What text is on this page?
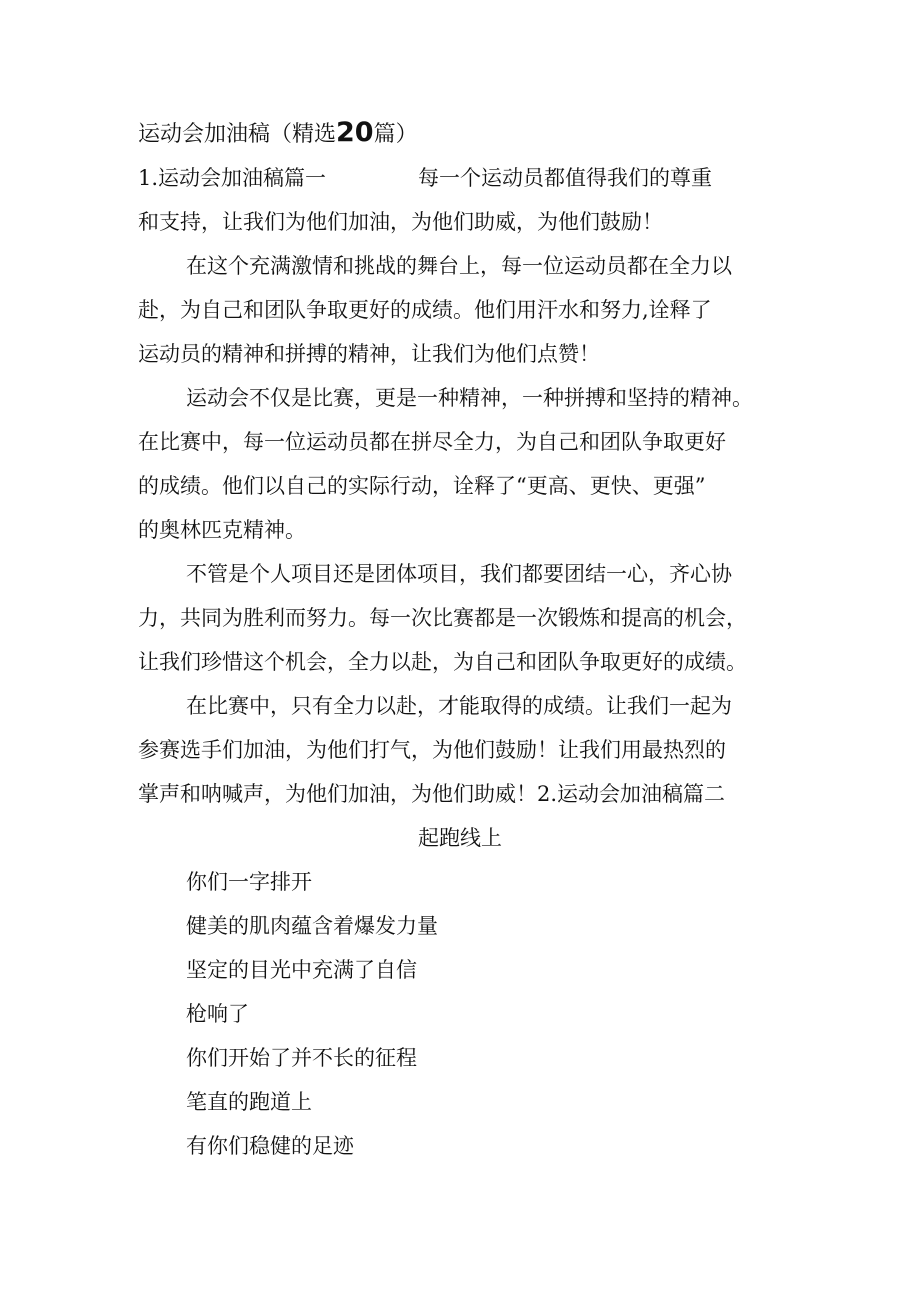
运动会加油稿（精选20篇）
1.运动会加油稿篇一	每一个运动员都值得我们的尊重
和支持，让我们为他们加油，为他们助威，为他们鼓励！
在这个充满激情和挑战的舞台上，每一位运动员都在全力以
赴，为自己和团队争取更好的成绩。他们用汗水和努力,诠释了
运动员的精神和拼搏的精神，让我们为他们点赞！
运动会不仅是比赛，更是一种精神，一种拼搏和坚持的精神。
在比赛中，每一位运动员都在拼尽全力，为自己和团队争取更好
的成绩。他们以自己的实际行动，诠释了“更高、更快、更强”
的奥林匹克精神。
不管是个人项目还是团体项目，我们都要团结一心，齐心协
力，共同为胜利而努力。每一次比赛都是一次锻炼和提高的机会，
让我们珍惜这个机会，全力以赴，为自己和团队争取更好的成绩。
在比赛中，只有全力以赴，才能取得的成绩。让我们一起为
参赛选手们加油，为他们打气，为他们鼓励！让我们用最热烈的
掌声和呐喊声，为他们加油，为他们助威！2.运动会加油稿篇二
起跑线上
你们一字排开
健美的肌肉蕴含着爆发力量
坚定的目光中充满了自信
枪响了
你们开始了并不长的征程
笔直的跑道上
有你们稳健的足迹
